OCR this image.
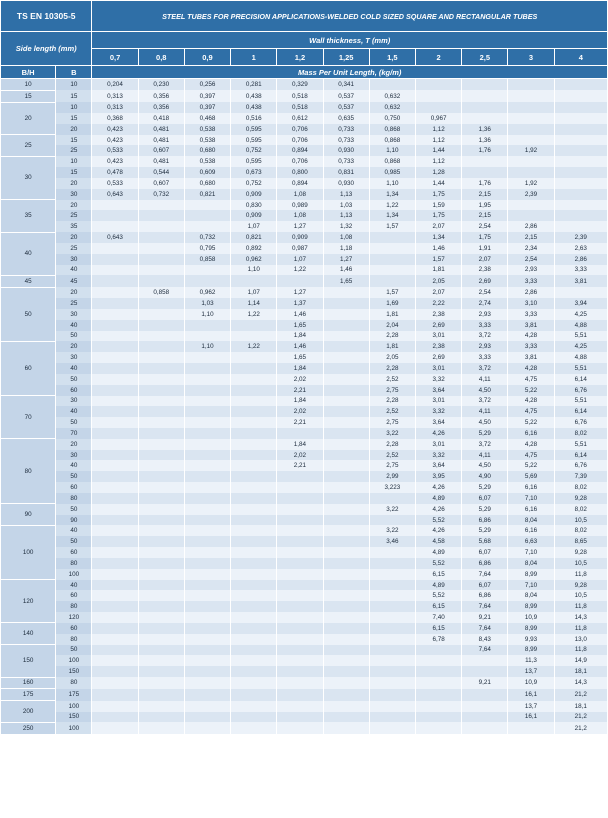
TS EN 10305-5		STEEL TUBES FOR PRECISION APPLICATIONS-WELDED COLD SIZED SQUARE AND RECTANGULAR TUBES										
Side length (mm)		Wall thickness, T (mm)										
		0,7	0,8	0,9	1	1,2	1,25	1,5	2	2,5	3	4
B/H	B	Mass Per Unit Length, (kg/m)										
10	10	0,204	0,230	0,256	0,281	0,329	0,341					
15	15	0,313	0,356	0,397	0,438	0,518	0,537	0,632				
20	10	0,313	0,356	0,397	0,438	0,518	0,537	0,632				
	15	0,368	0,418	0,468	0,516	0,612	0,635	0,750	0,967			
	20	0,423	0,481	0,538	0,595	0,706	0,733	0,868	1,12	1,36		
25	15	0,423	0,481	0,538	0,595	0,706	0,733	0,868	1,12	1,36		
	25	0,533	0,607	0,680	0,752	0,894	0,930	1,10	1,44	1,76	1,92	
30	10	0,423	0,481	0,538	0,595	0,706	0,733	0,868	1,12			
	15	0,478	0,544	0,609	0,673	0,800	0,831	0,985	1,28			
	20	0,533	0,607	0,680	0,752	0,894	0,930	1,10	1,44	1,76	1,92	
	30	0,643	0,732	0,821	0,909	1,08	1,13	1,34	1,75	2,15	2,39	
35	20				0,830	0,989	1,03	1,22	1,59	1,95		
	25				0,909	1,08	1,13	1,34	1,75	2,15		
	35				1,07	1,27	1,32	1,57	2,07	2,54	2,86	
40	20	0,643		0,732	0,821	0,909	1,08		1,34	1,75	2,15	2,39
	25			0,795	0,892	0,987	1,18		1,46	1,91	2,34	2,63
	30			0,858	0,962	1,07	1,27		1,57	2,07	2,54	2,86
	40				1,10	1,22	1,46		1,81	2,38	2,93	3,33
45	45						1,65		2,05	2,69	3,33	3,81
50	20		0,858	0,962	1,07	1,27		1,57	2,07	2,54	2,86	
	25			1,03	1,14	1,37		1,69	2,22	2,74	3,10	3,94
	30			1,10	1,22	1,46		1,81	2,38	2,93	3,33	4,25
	40					1,65		2,04	2,69	3,33	3,81	4,88
	50					1,84		2,28	3,01	3,72	4,28	5,51
60	20			1,10	1,22	1,46		1,81	2,38	2,93	3,33	4,25
	30					1,65		2,05	2,69	3,33	3,81	4,88
	40					1,84		2,28	3,01	3,72	4,28	5,51
	50					2,02		2,52	3,32	4,11	4,75	6,14
	60					2,21		2,75	3,64	4,50	5,22	6,76
70	30					1,84		2,28	3,01	3,72	4,28	5,51
	40					2,02		2,52	3,32	4,11	4,75	6,14
	50					2,21		2,75	3,64	4,50	5,22	6,76
	70							3,22	4,26	5,29	6,16	8,02
80	20					1,84		2,28	3,01	3,72	4,28	5,51
	30					2,02		2,52	3,32	4,11	4,75	6,14
	40					2,21		2,75	3,64	4,50	5,22	6,76
	50							2,99	3,95	4,90	5,69	7,39
	60							3,223	4,26	5,29	6,16	8,02
	80								4,89	6,07	7,10	9,28
90	50							3,22	4,26	5,29	6,16	8,02
	90								5,52	6,86	8,04	10,5
100	40							3,22	4,26	5,29	6,16	8,02
	50							3,46	4,58	5,68	6,63	8,65
	60								4,89	6,07	7,10	9,28
	80								5,52	6,86	8,04	10,5
	100								6,15	7,64	8,99	11,8
120	40								4,89	6,07	7,10	9,28
	60								5,52	6,86	8,04	10,5
	80								6,15	7,64	8,99	11,8
	120								7,40	9,21	10,9	14,3
140	60								6,15	7,64	8,99	11,8
	80								6,78	8,43	9,93	13,0
150	50									7,64	8,99	11,8
	100										11,3	14,9
	150										13,7	18,1
160	80									9,21	10,9	14,3
175	175										16,1	21,2
200	100										13,7	18,1
	150										16,1	21,2
250	100											21,2
